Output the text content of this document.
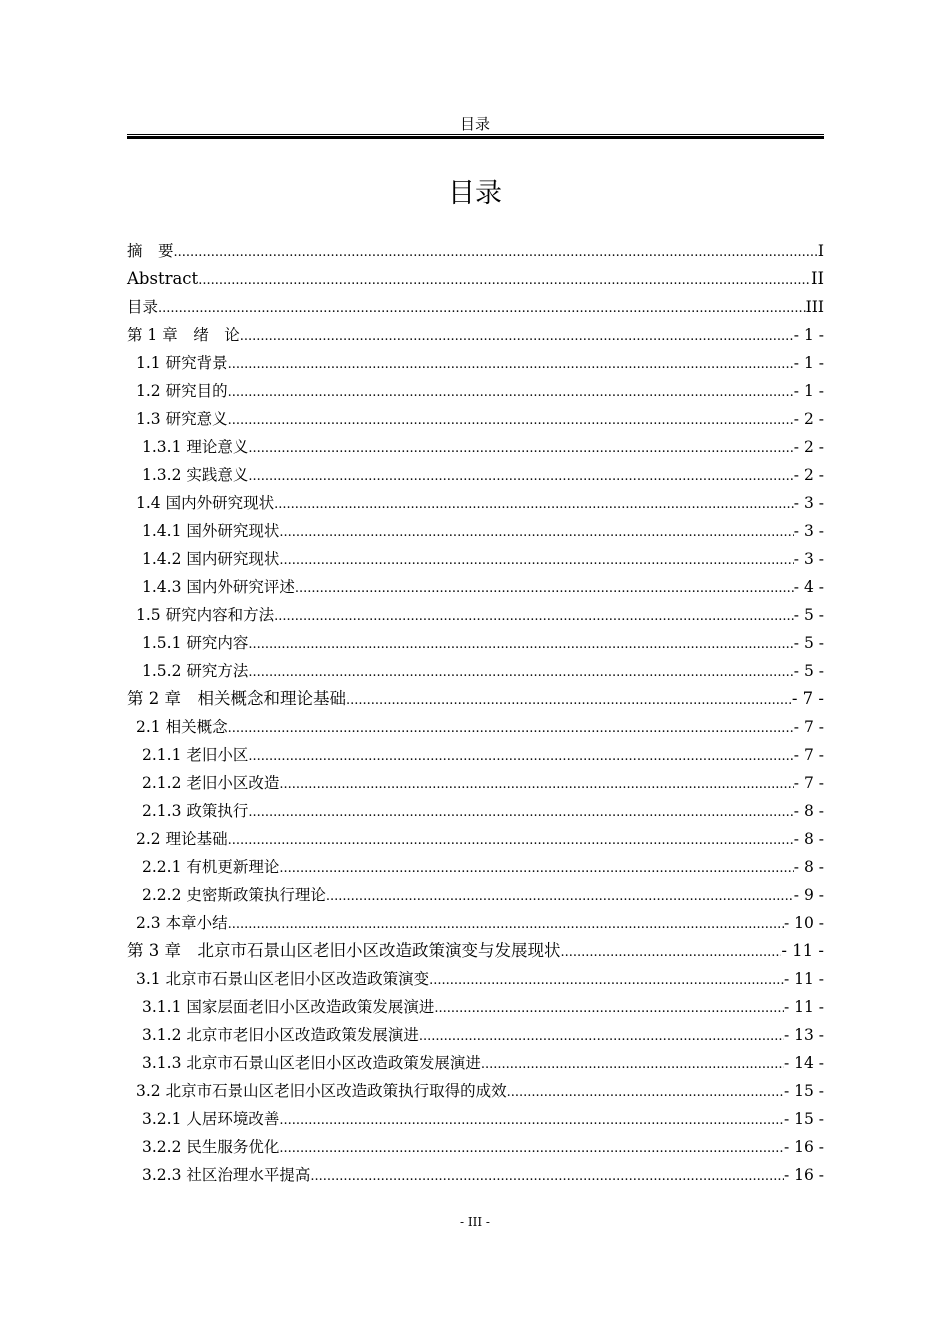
目录
目录
摘　要 .....	I
Abstract .....	II
目录 .....	III
第 1 章　绪　论 .....	- 1 -
1.1 研究背景 .....	- 1 -
1.2 研究目的 .....	- 1 -
1.3 研究意义 .....	- 2 -
1.3.1 理论意义 .....	- 2 -
1.3.2 实践意义 .....	- 2 -
1.4 国内外研究现状 .....	- 3 -
1.4.1 国外研究现状 .....	- 3 -
1.4.2 国内研究现状 .....	- 3 -
1.4.3 国内外研究评述 .....	- 4 -
1.5 研究内容和方法 .....	- 5 -
1.5.1 研究内容 .....	- 5 -
1.5.2 研究方法 .....	- 5 -
第 2 章　相关概念和理论基础 .....	- 7 -
2.1 相关概念 .....	- 7 -
2.1.1 老旧小区 .....	- 7 -
2.1.2 老旧小区改造 .....	- 7 -
2.1.3 政策执行 .....	- 8 -
2.2 理论基础 .....	- 8 -
2.2.1 有机更新理论 .....	- 8 -
2.2.2 史密斯政策执行理论 .....	- 9 -
2.3 本章小结 .....	- 10 -
第 3 章　北京市石景山区老旧小区改造政策演变与发展现状 .....	- 11 -
3.1 北京市石景山区老旧小区改造政策演变 .....	- 11 -
3.1.1 国家层面老旧小区改造政策发展演进 .....	- 11 -
3.1.2 北京市老旧小区改造政策发展演进 .....	- 13 -
3.1.3 北京市石景山区老旧小区改造政策发展演进 .....	- 14 -
3.2 北京市石景山区老旧小区改造政策执行取得的成效 .....	- 15 -
3.2.1 人居环境改善 .....	- 15 -
3.2.2 民生服务优化 .....	- 16 -
3.2.3 社区治理水平提高 .....	- 16 -
- III -
